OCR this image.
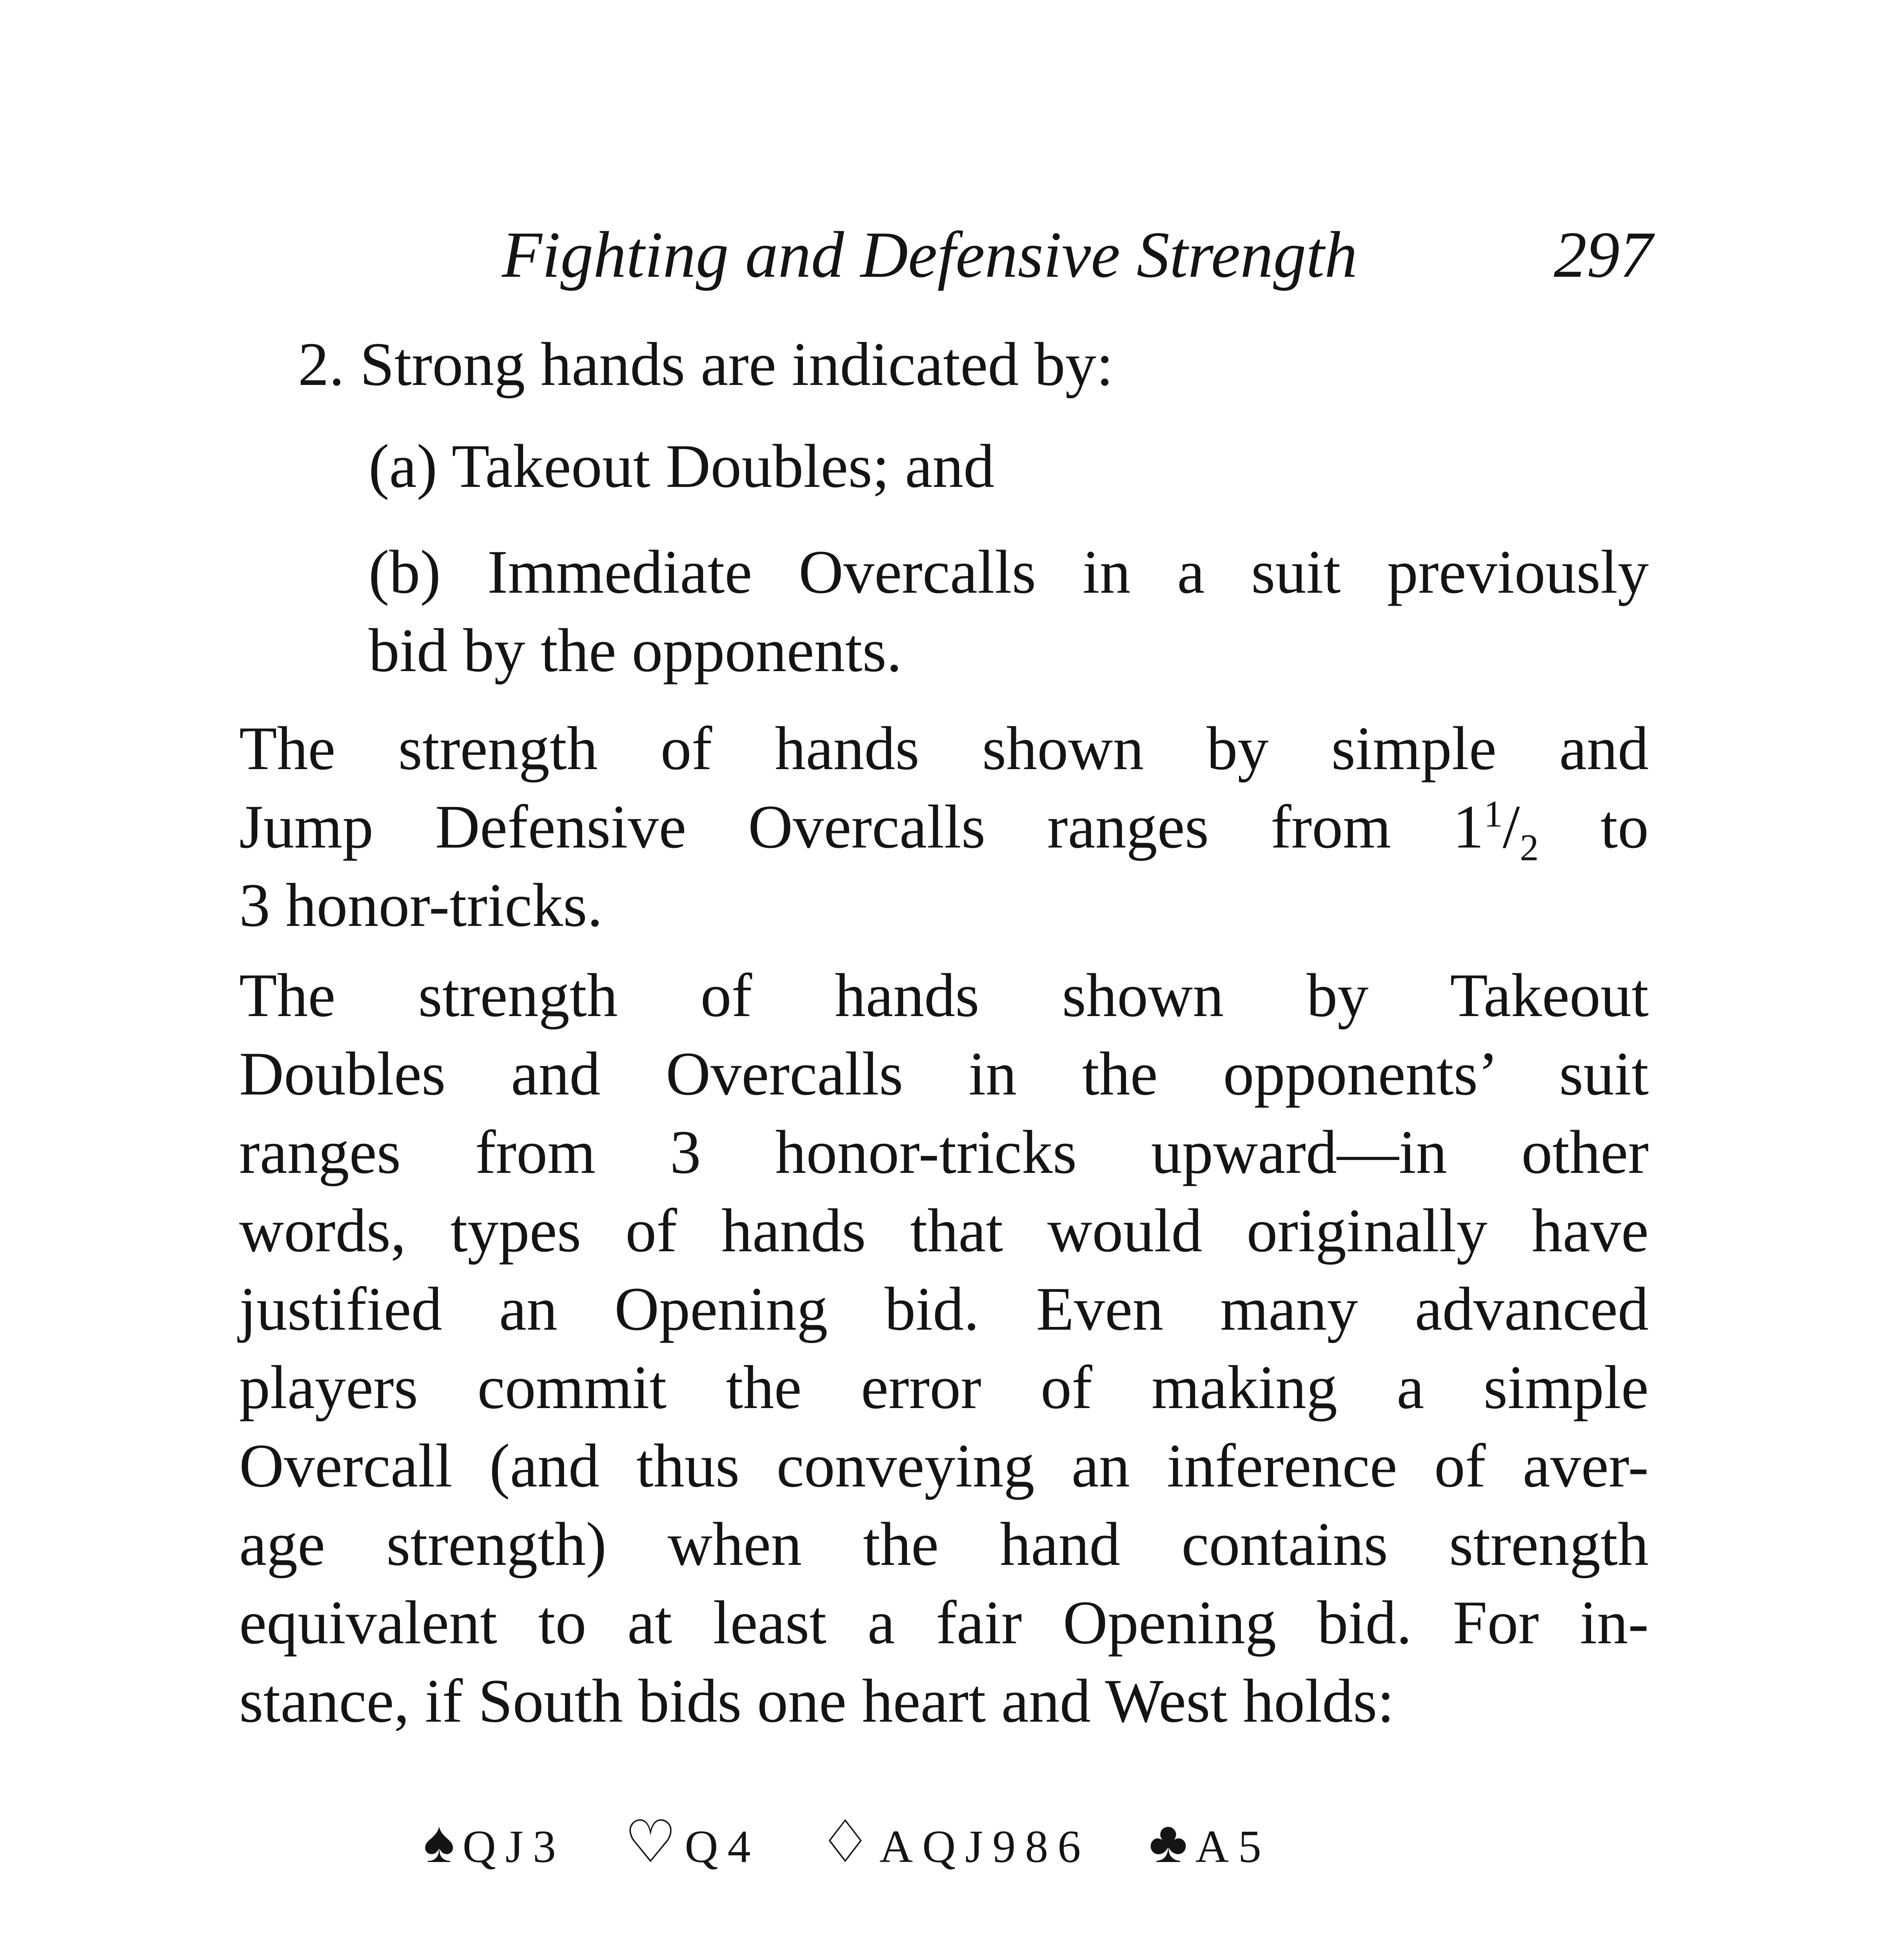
Fighting and Defensive Strength	297
2. Strong hands are indicated by:
(a) Takeout Doubles; and
(b) Immediate Overcalls in a suit previously
bid by the opponents.
The strength of hands shown by simple and
Jump Defensive Overcalls ranges from $1^1/_2$ to
3 honor-tricks.
The strength of hands shown by Takeout
Doubles and Overcalls in the opponents’ suit
ranges from 3 honor-tricks upward—in other
words, types of hands that would originally have
justified an Opening bid. Even many advanced
players commit the error of making a simple
Overcall (and thus conveying an inference of aver-
age strength) when the hand contains strength
equivalent to at least a fair Opening bid. For in-
stance, if South bids one heart and West holds:
♠ QJ3 ♡ Q4 ♢ AQJ986 ♣ A5
